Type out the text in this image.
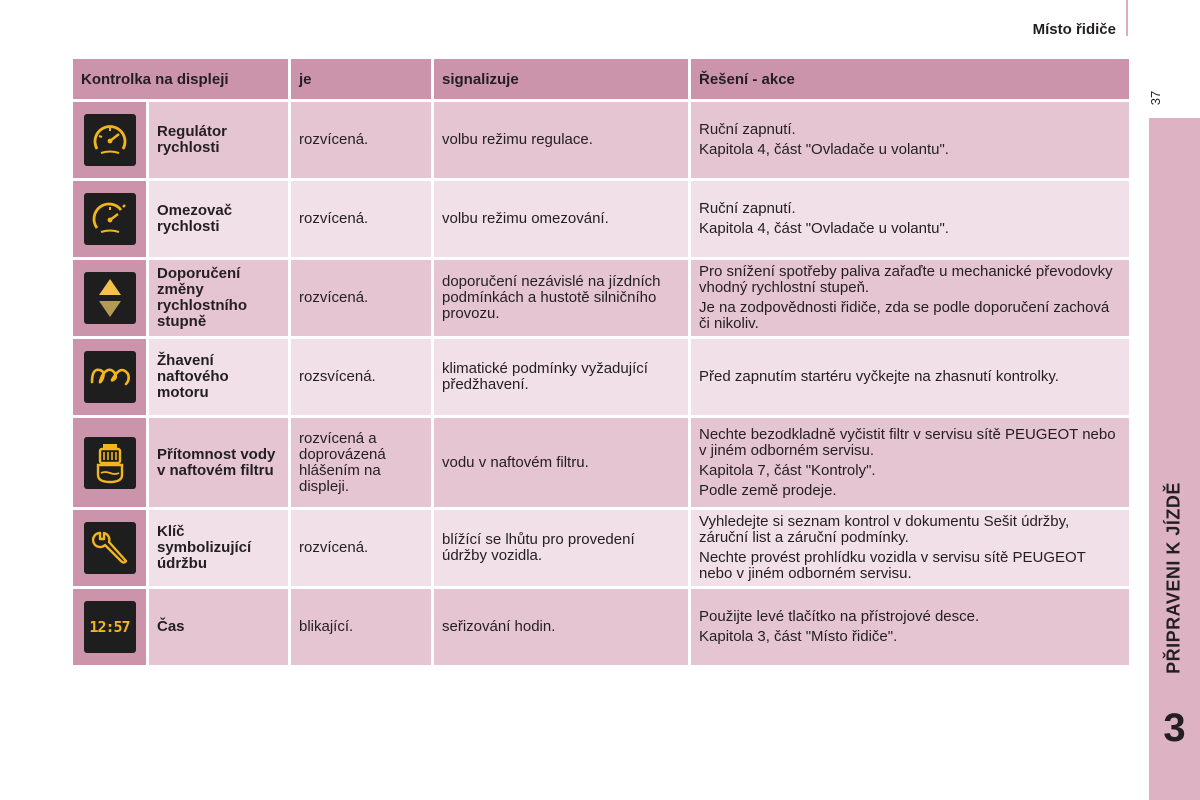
Místo řidiče
37
PŘIPRAVENI K JÍZDĚ
3
Kontrolka na displeji		je	signalizuje	Řešení - akce

	Regulátor rychlosti	rozvícená.	volbu režimu regulace.	Ruční zapnutí.
Kapitola 4, část "Ovladače u volantu".

	Omezovač rychlosti	rozvícená.	volbu režimu omezování.	Ruční zapnutí.
Kapitola 4, část "Ovladače u volantu".

	Doporučení změny rychlostního stupně	rozvícená.	doporučení nezávislé na jízdních podmínkách a hustotě silničního provozu.	Pro snížení spotřeby paliva zařaďte u mechanické převodovky vhodný rychlostní stupeň.
Je na zodpovědnosti řidiče, zda se podle doporučení zachová či nikoliv.

	Žhavení naftového motoru	rozsvícená.	klimatické podmínky vyžadující předžhavení.	Před zapnutím startéru vyčkejte na zhasnutí kontrolky.

	Přítomnost vody v naftovém filtru	rozvícená a doprovázená hlášením na displeji.	vodu v naftovém filtru.	Nechte bezodkladně vyčistit filtr v servisu sítě PEUGEOT nebo v jiném odborném servisu.
Kapitola 7, část "Kontroly".
Podle země prodeje.

	Klíč symbolizující údržbu	rozvícená.	blížící se lhůtu pro provedení údržby vozidla.	Vyhledejte si seznam kontrol v dokumentu Sešit údržby, záruční list a záruční podmínky.
Nechte provést prohlídku vozidla v servisu sítě PEUGEOT nebo v jiném odborném servisu.

12:57	Čas	blikající.	seřizování hodin.	Použijte levé tlačítko na přístrojové desce.
Kapitola 3, část "Místo řidiče".
